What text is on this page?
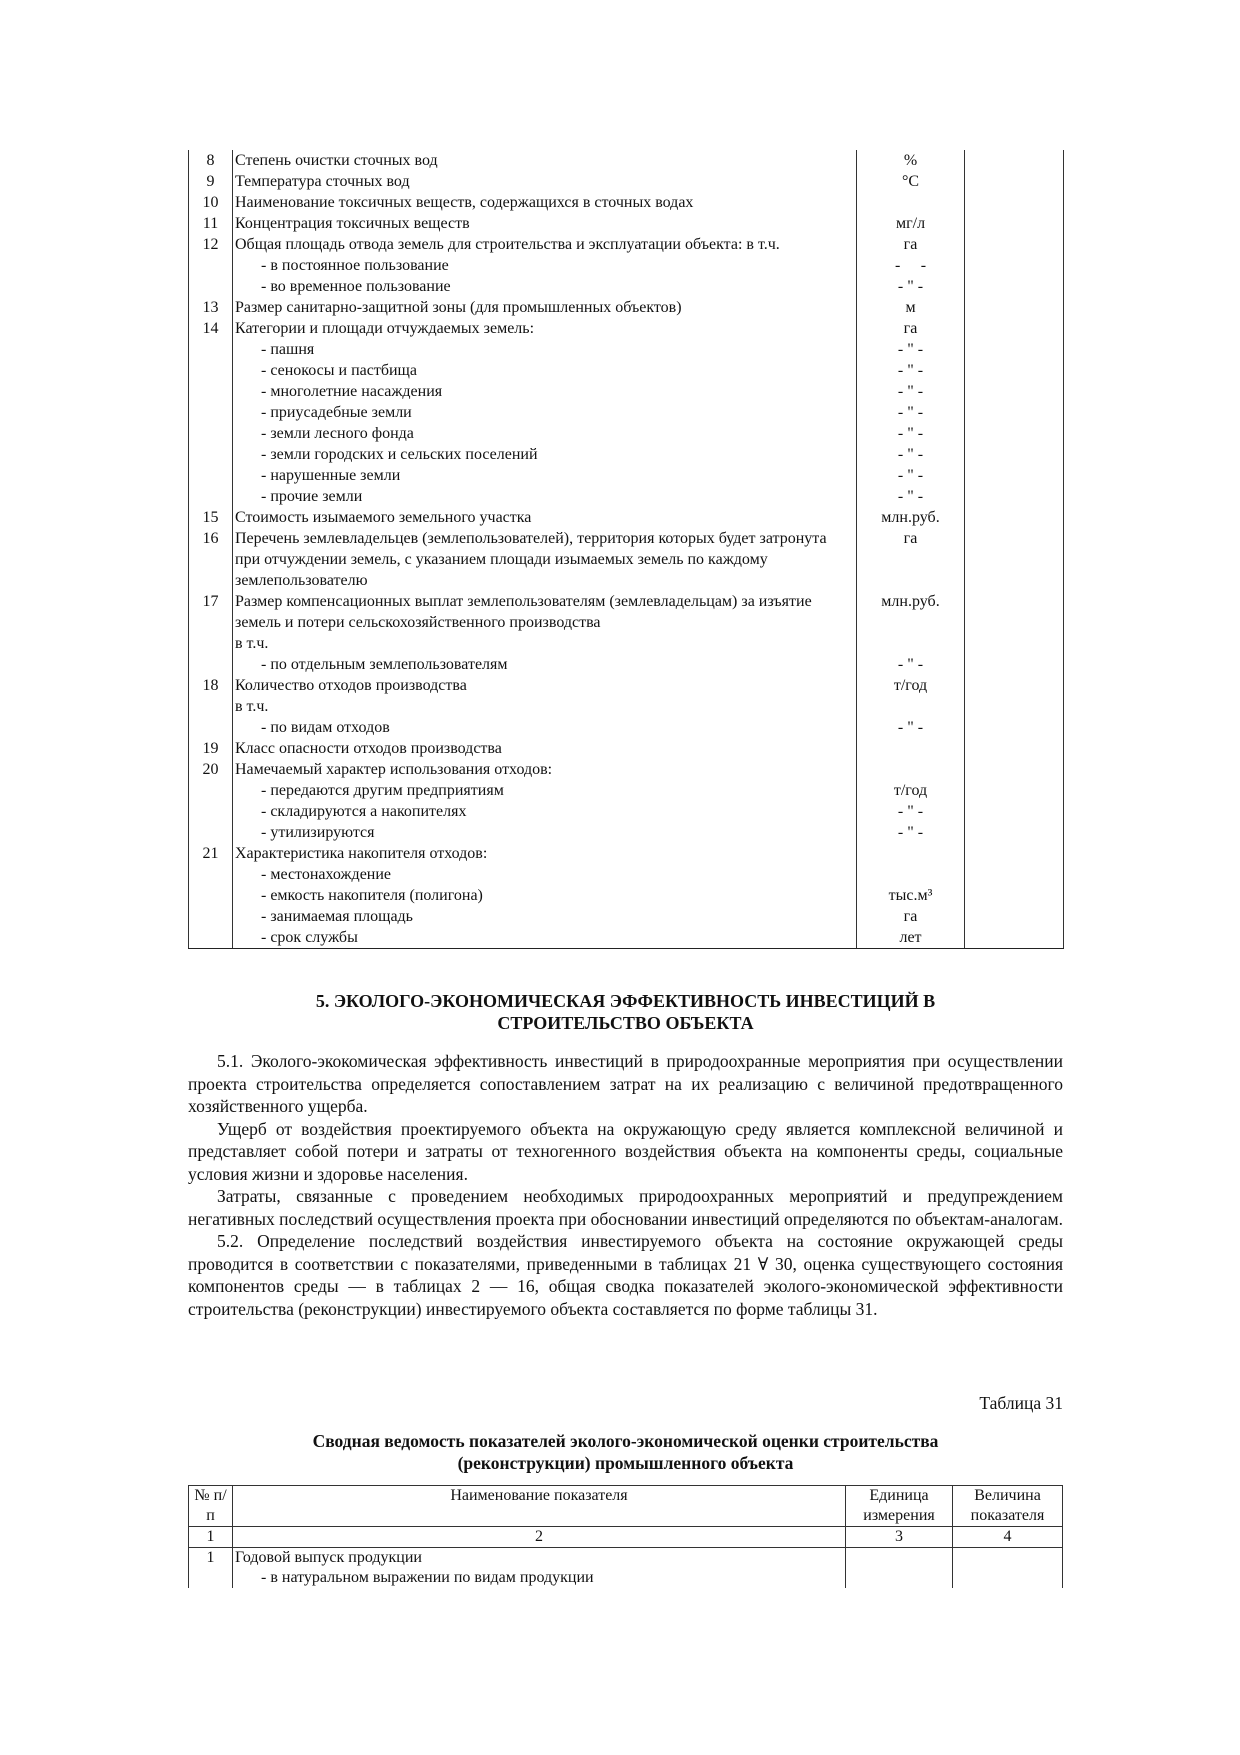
8	Степень очистки сточных вод	%	
9	Температура сточных вод	°С	
10	Наименование токсичных веществ, содержащихся в сточных водах		
11	Концентрация токсичных веществ	мг/л	
12	Общая площадь отвода земель для строительства и эксплуатации объекта: в т.ч.	га	
	- в постоянное пользование	-   -	
	- во временное пользование	- " -	
13	Размер санитарно-защитной зоны (для промышленных объектов)	м	
14	Категории и площади отчуждаемых земель:	га	
	- пашня	- " -	
	- сенокосы и пастбища	- " -	
	- многолетние насаждения	- " -	
	- приусадебные земли	- " -	
	- земли лесного фонда	- " -	
	- земли городских и сельских поселений	- " -	
	- нарушенные земли	- " -	
	- прочие земли	- " -	
15	Стоимость изымаемого земельного участка	млн.руб.	
16	Перечень землевладельцев (землепользователей), территория которых будет затронута при отчуждении земель, с указанием площади изымаемых земель по каждому землепользователю	га	
17	Размер компенсационных выплат землепользователям (землевладельцам) за изъятие земель и потери сельскохозяйственного производства	млн.руб.	
	в т.ч.		
	- по отдельным землепользователям	- " -	
18	Количество отходов производства	т/год	
	в т.ч.		
	- по видам отходов	- " -	
19	Класс опасности отходов производства		
20	Намечаемый характер использования отходов:		
	- передаются другим предприятиям	т/год	
	- складируются а накопителях	- " -	
	- утилизируются	- " -	
21	Характеристика накопителя отходов:		
	- местонахождение		
	- емкость накопителя (полигона)	тыс.м³	
	- занимаемая площадь	га	
	- срок службы	лет	
5. ЭКОЛОГО-ЭКОНОМИЧЕСКАЯ ЭФФЕКТИВНОСТЬ ИНВЕСТИЦИЙ В
СТРОИТЕЛЬСТВО ОБЪЕКТА

5.1. Эколого-экокомическая эффективность инвестиций в природоохранные мероприятия при осуществлении проекта строительства определяется сопоставлением затрат на их реализацию с величиной предотвращенного хозяйственного ущерба.

Ущерб от воздействия проектируемого объекта на окружающую среду является комплексной величиной и представляет собой потери и затраты от техногенного воздействия объекта на компоненты среды, социальные условия жизни и здоровье населения.

Затраты, связанные с проведением необходимых природоохранных мероприятий и предупреждением негативных последствий осуществления проекта при обосновании инвестиций определяются по объектам-аналогам.

5.2. Определение последствий воздействия инвестируемого объекта на состояние окружающей среды проводится в соответствии с показателями, приведенными в таблицах 21 ∀ 30, оценка существующего состояния компонентов среды — в таблицах 2 — 16, общая сводка показателей эколого-экономической эффективности строительства (реконструкции) инвестируемого объекта составляется по форме таблицы 31.

Таблица 31
Сводная ведомость показателей эколого-экономической оценки строительства
(реконструкции) промышленного объекта
№ п/п	Наименование показателя	Единица измерения	Величина показателя
1	2	3	4
1	Годовой выпуск продукции		
	- в натуральном выражении по видам продукции		
